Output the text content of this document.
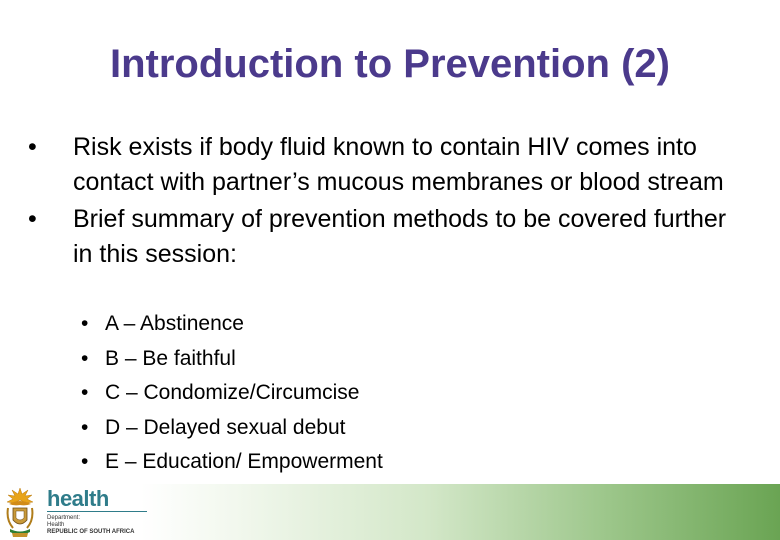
Introduction to Prevention (2)
• Risk exists if body fluid known to contain HIV comes into contact with partner’s mucous membranes or blood stream
• Brief summary of prevention methods to be covered further in this session:
• A – Abstinence
• B – Be faithful
• C – Condomize/Circumcise
• D – Delayed sexual debut
• E – Education/ Empowerment
health
Department:
Health
REPUBLIC OF SOUTH AFRICA
